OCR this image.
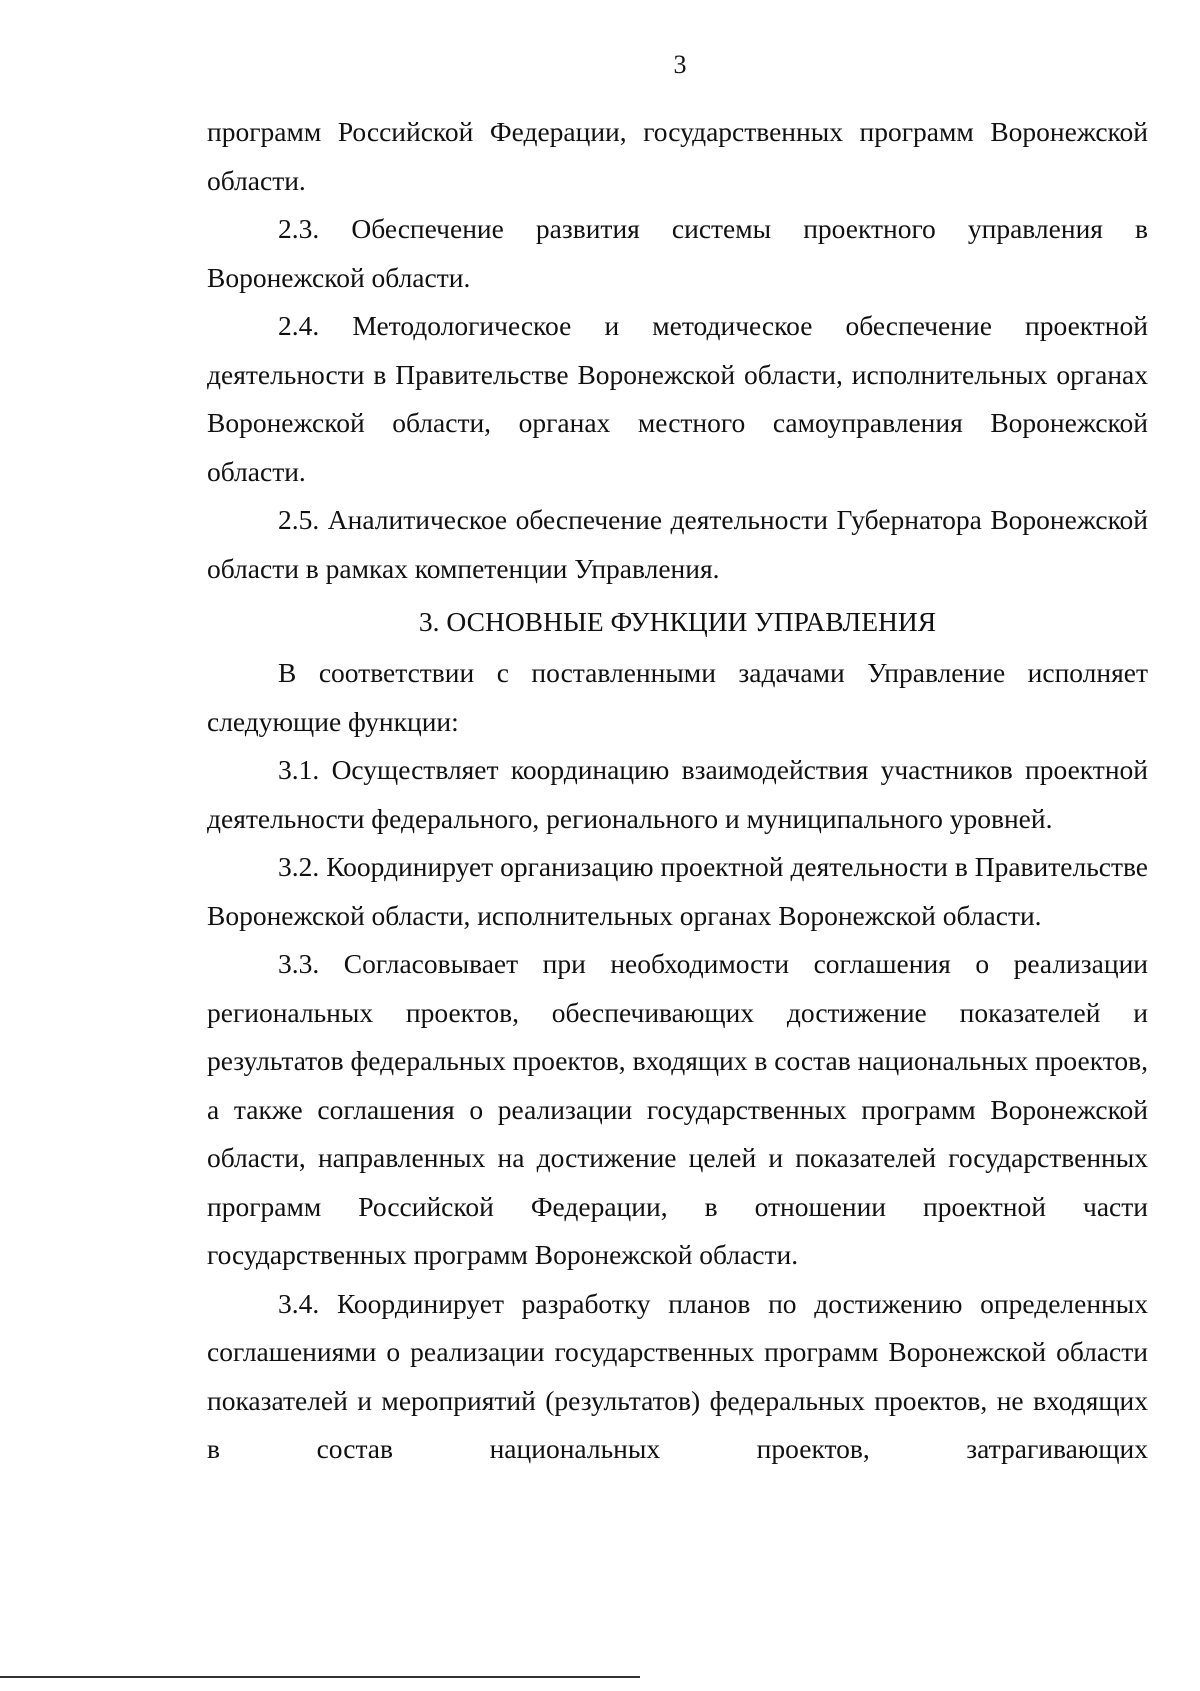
3

программ Российской Федерации, государственных программ Воронежской области.

2.3. Обеспечение развития системы проектного управления в Воронежской области.

2.4. Методологическое и методическое обеспечение проектной деятельности в Правительстве Воронежской области, исполнительных органах Воронежской области, органах местного самоуправления Воронежской области.

2.5. Аналитическое обеспечение деятельности Губернатора Воронежской области в рамках компетенции Управления.

3. ОСНОВНЫЕ ФУНКЦИИ УПРАВЛЕНИЯ

В соответствии с поставленными задачами Управление исполняет следующие функции:

3.1. Осуществляет координацию взаимодействия участников проектной деятельности федерального, регионального и муниципального уровней.

3.2. Координирует организацию проектной деятельности в Правительстве Воронежской области, исполнительных органах Воронежской области.

3.3. Согласовывает при необходимости соглашения о реализации региональных проектов, обеспечивающих достижение показателей и результатов федеральных проектов, входящих в состав национальных проектов, а также соглашения о реализации государственных программ Воронежской области, направленных на достижение целей и показателей государственных программ Российской Федерации, в отношении проектной части государственных программ Воронежской области.

3.4. Координирует разработку планов по достижению определенных соглашениями о реализации государственных программ Воронежской области показателей и мероприятий (результатов) федеральных проектов, не входящих в состав национальных проектов, затрагивающих
